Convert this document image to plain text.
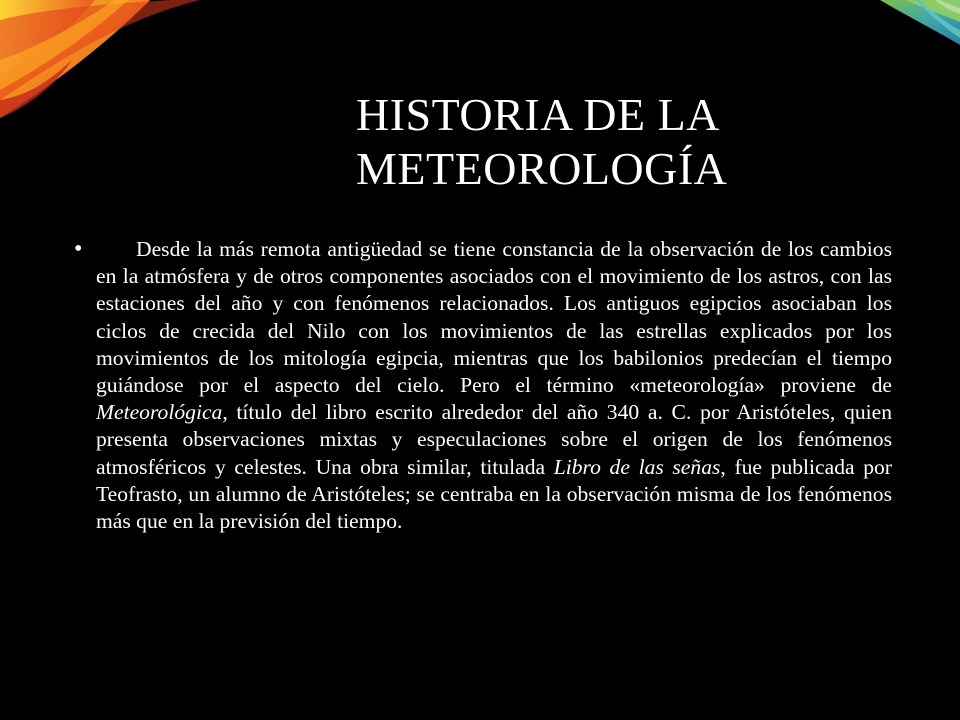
HISTORIA DE LA
METEOROLOGÍA
•	Desde la más remota antigüedad se tiene constancia de la observación de los cambios en la atmósfera y de otros componentes asociados con el movimiento de los astros, con las estaciones del año y con fenómenos relacionados. Los antiguos egipcios asociaban los ciclos de crecida del Nilo con los movimientos de las estrellas explicados por los movimientos de los mitología egipcia, mientras que los babilonios predecían el tiempo guiándose por el aspecto del cielo. Pero el término «meteorología» proviene de Meteorológica, título del libro escrito alrededor del año 340 a. C. por Aristóteles, quien presenta observaciones mixtas y especulaciones sobre el origen de los fenómenos atmosféricos y celestes. Una obra similar, titulada Libro de las señas, fue publicada por Teofrasto, un alumno de Aristóteles; se centraba en la observación misma de los fenómenos más que en la previsión del tiempo.
